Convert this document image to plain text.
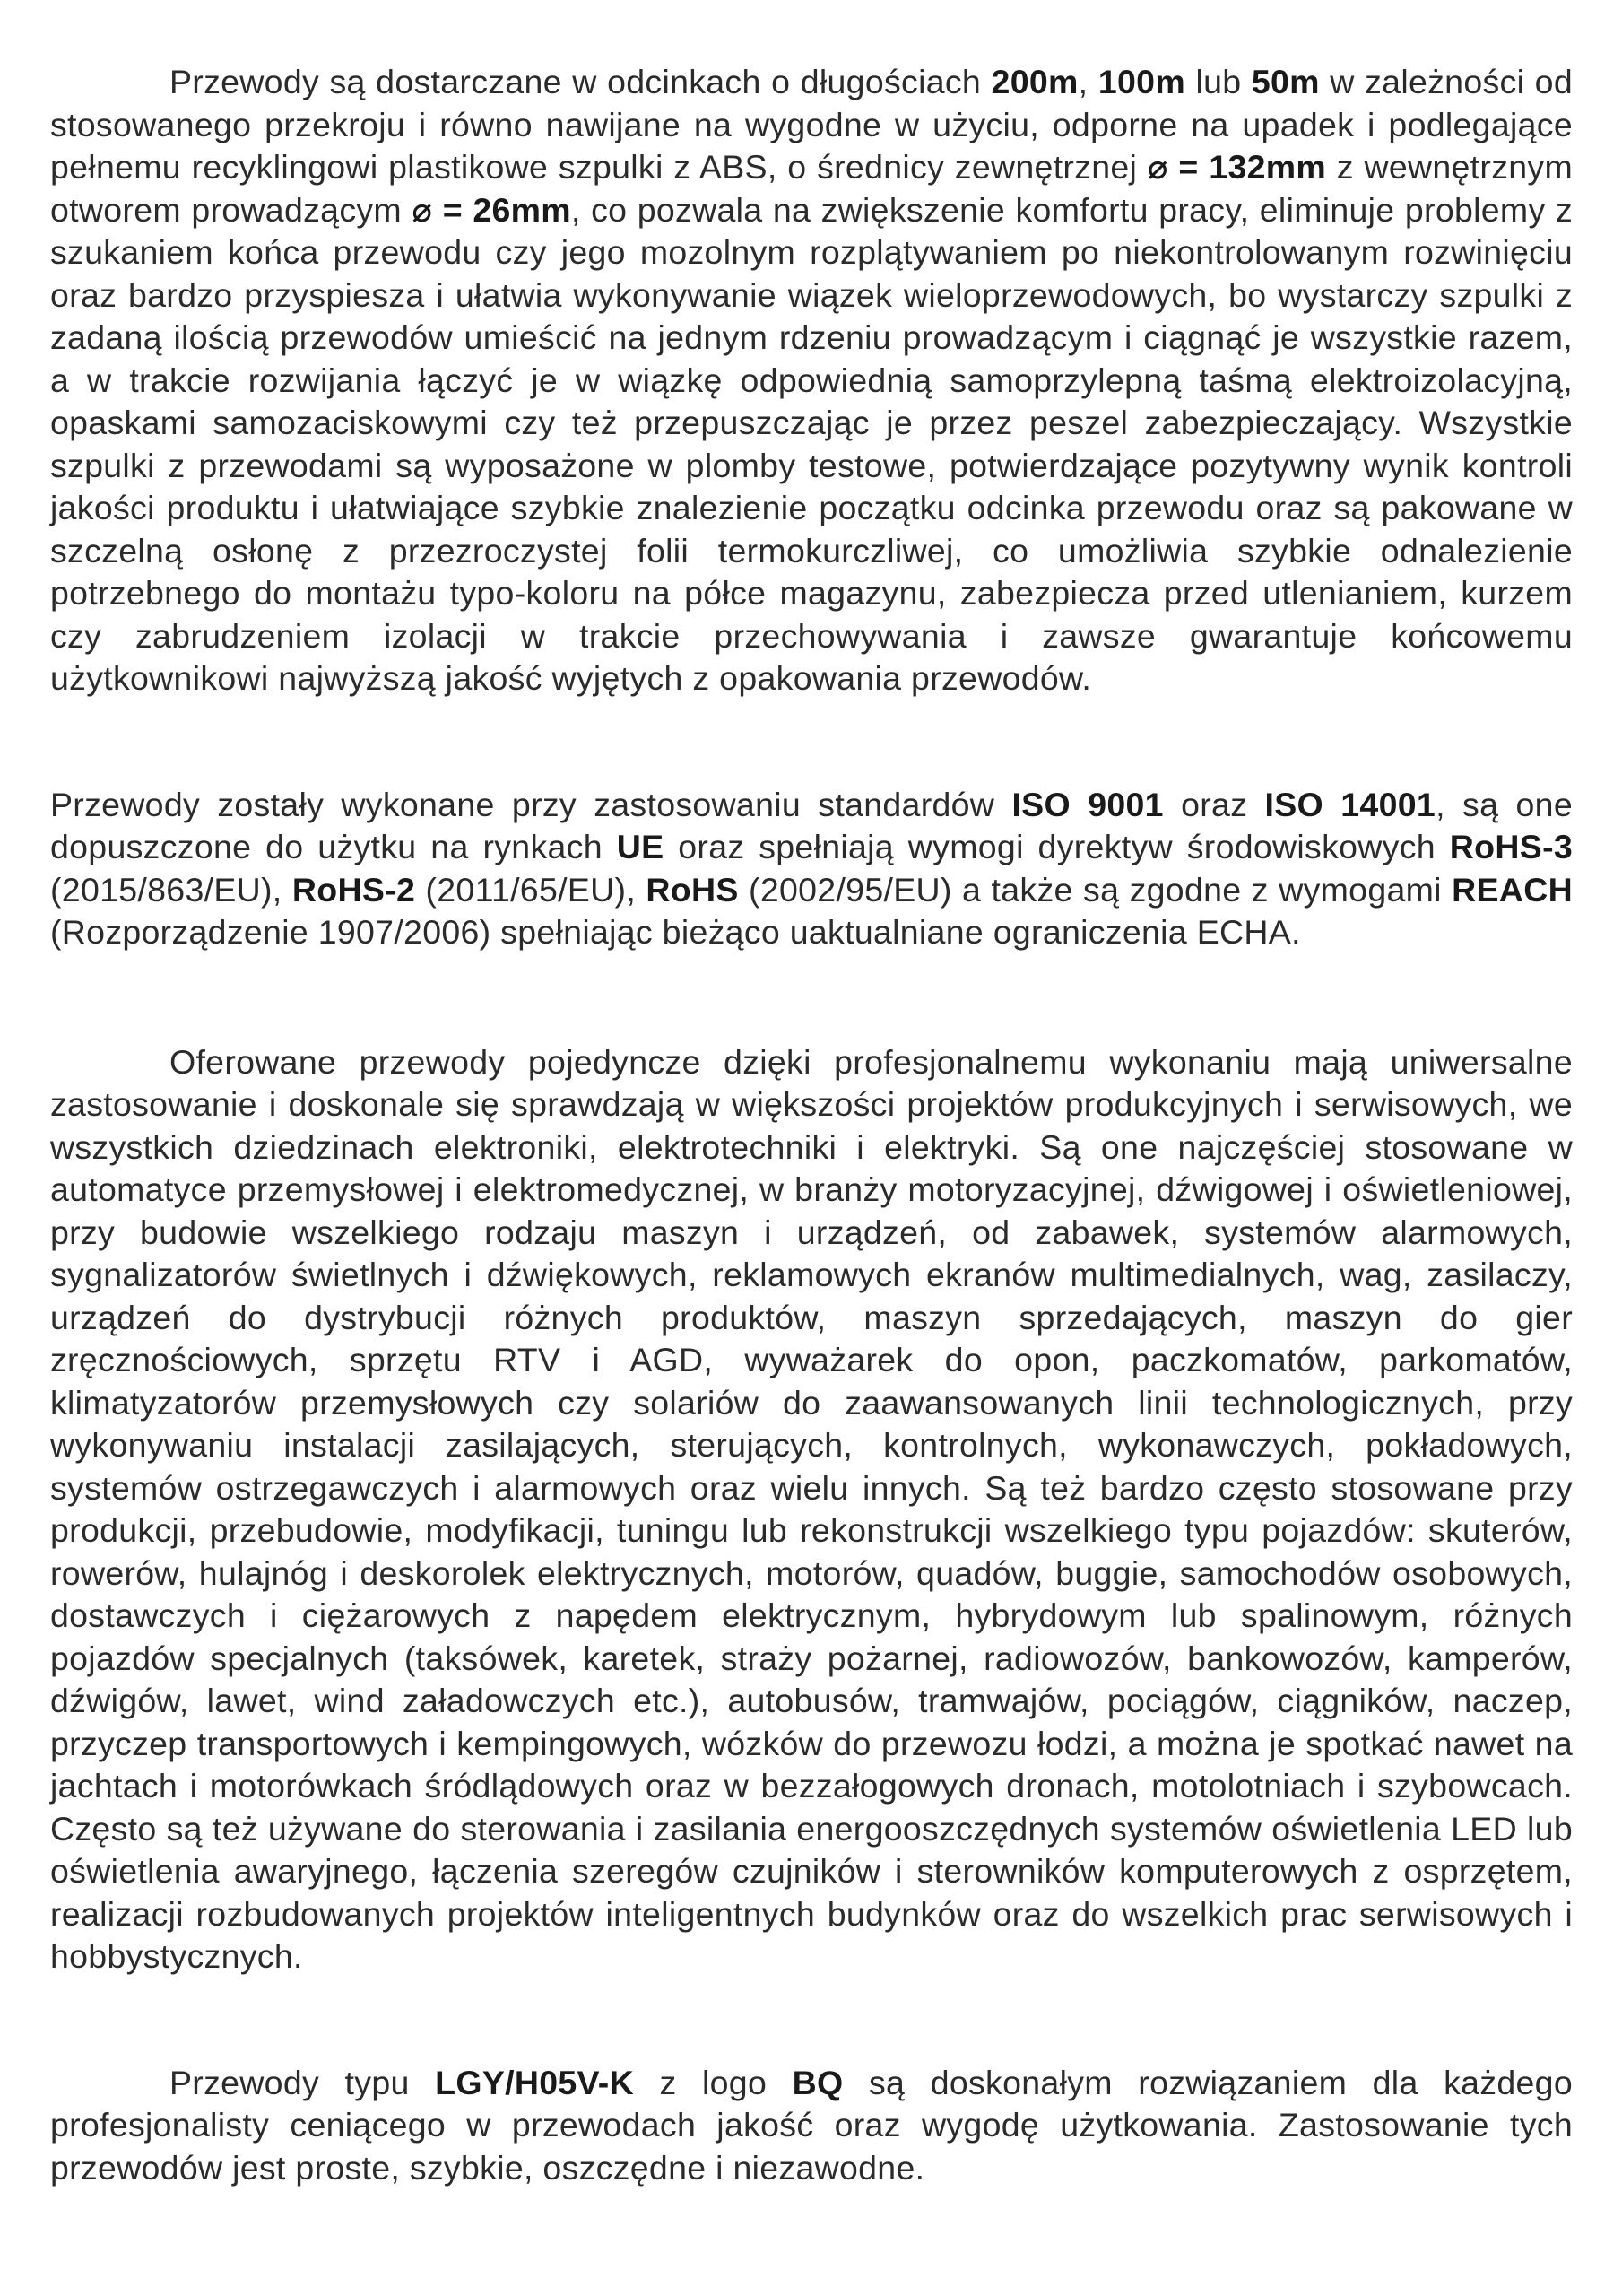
Przewody są dostarczane w odcinkach o długościach 200m, 100m lub 50m w zależności od stosowanego przekroju i równo nawijane na wygodne w użyciu, odporne na upadek i podlegające pełnemu recyklingowi plastikowe szpulki z ABS, o średnicy zewnętrznej ⌀ = 132mm z wewnętrznym otworem prowadzącym ⌀ = 26mm, co pozwala na zwiększenie komfortu pracy, eliminuje problemy z szukaniem końca przewodu czy jego mozolnym rozplątywaniem po niekontrolowanym rozwinięciu oraz bardzo przyspiesza i ułatwia wykonywanie wiązek wieloprzewodowych, bo wystarczy szpulki z zadaną ilością przewodów umieścić na jednym rdzeniu prowadzącym i ciągnąć je wszystkie razem, a w trakcie rozwijania łączyć je w wiązkę odpowiednią samoprzylepną taśmą elektroizolacyjną, opaskami samozaciskowymi czy też przepuszczając je przez peszel zabezpieczający. Wszystkie szpulki z przewodami są wyposażone w plomby testowe, potwierdzające pozytywny wynik kontroli jakości produktu i ułatwiające szybkie znalezienie początku odcinka przewodu oraz są pakowane w szczelną osłonę z przezroczystej folii termokurczliwej, co umożliwia szybkie odnalezienie potrzebnego do montażu typo-koloru na półce magazynu, zabezpiecza przed utlenianiem, kurzem czy zabrudzeniem izolacji w trakcie przechowywania i zawsze gwarantuje końcowemu użytkownikowi najwyższą jakość wyjętych z opakowania przewodów.

Przewody zostały wykonane przy zastosowaniu standardów ISO 9001 oraz ISO 14001, są one dopuszczone do użytku na rynkach UE oraz spełniają wymogi dyrektyw środowiskowych RoHS-3 (2015/863/EU), RoHS-2 (2011/65/EU), RoHS (2002/95/EU) a także są zgodne z wymogami REACH (Rozporządzenie 1907/2006) spełniając bieżąco uaktualniane ograniczenia ECHA.

Oferowane przewody pojedyncze dzięki profesjonalnemu wykonaniu mają uniwersalne zastosowanie i doskonale się sprawdzają w większości projektów produkcyjnych i serwisowych, we wszystkich dziedzinach elektroniki, elektrotechniki i elektryki. Są one najczęściej stosowane w automatyce przemysłowej i elektromedycznej, w branży motoryzacyjnej, dźwigowej i oświetleniowej, przy budowie wszelkiego rodzaju maszyn i urządzeń, od zabawek, systemów alarmowych, sygnalizatorów świetlnych i dźwiękowych, reklamowych ekranów multimedialnych, wag, zasilaczy, urządzeń do dystrybucji różnych produktów, maszyn sprzedających, maszyn do gier zręcznościowych, sprzętu RTV i AGD, wyważarek do opon, paczkomatów, parkomatów, klimatyzatorów przemysłowych czy solariów do zaawansowanych linii technologicznych, przy wykonywaniu instalacji zasilających, sterujących, kontrolnych, wykonawczych, pokładowych, systemów ostrzegawczych i alarmowych oraz wielu innych. Są też bardzo często stosowane przy produkcji, przebudowie, modyfikacji, tuningu lub rekonstrukcji wszelkiego typu pojazdów: skuterów, rowerów, hulajnóg i deskorolek elektrycznych, motorów, quadów, buggie, samochodów osobowych, dostawczych i ciężarowych z napędem elektrycznym, hybrydowym lub spalinowym, różnych pojazdów specjalnych (taksówek, karetek, straży pożarnej, radiowozów, bankowozów, kamperów, dźwigów, lawet, wind załadowczych etc.), autobusów, tramwajów, pociągów, ciągników, naczep, przyczep transportowych i kempingowych, wózków do przewozu łodzi, a można je spotkać nawet na jachtach i motorówkach śródlądowych oraz w bezzałogowych dronach, motolotniach i szybowcach. Często są też używane do sterowania i zasilania energooszczędnych systemów oświetlenia LED lub oświetlenia awaryjnego, łączenia szeregów czujników i sterowników komputerowych z osprzętem, realizacji rozbudowanych projektów inteligentnych budynków oraz do wszelkich prac serwisowych i hobbystycznych.

Przewody typu LGY/H05V-K z logo BQ są doskonałym rozwiązaniem dla każdego profesjonalisty ceniącego w przewodach jakość oraz wygodę użytkowania. Zastosowanie tych przewodów jest proste, szybkie, oszczędne i niezawodne.
